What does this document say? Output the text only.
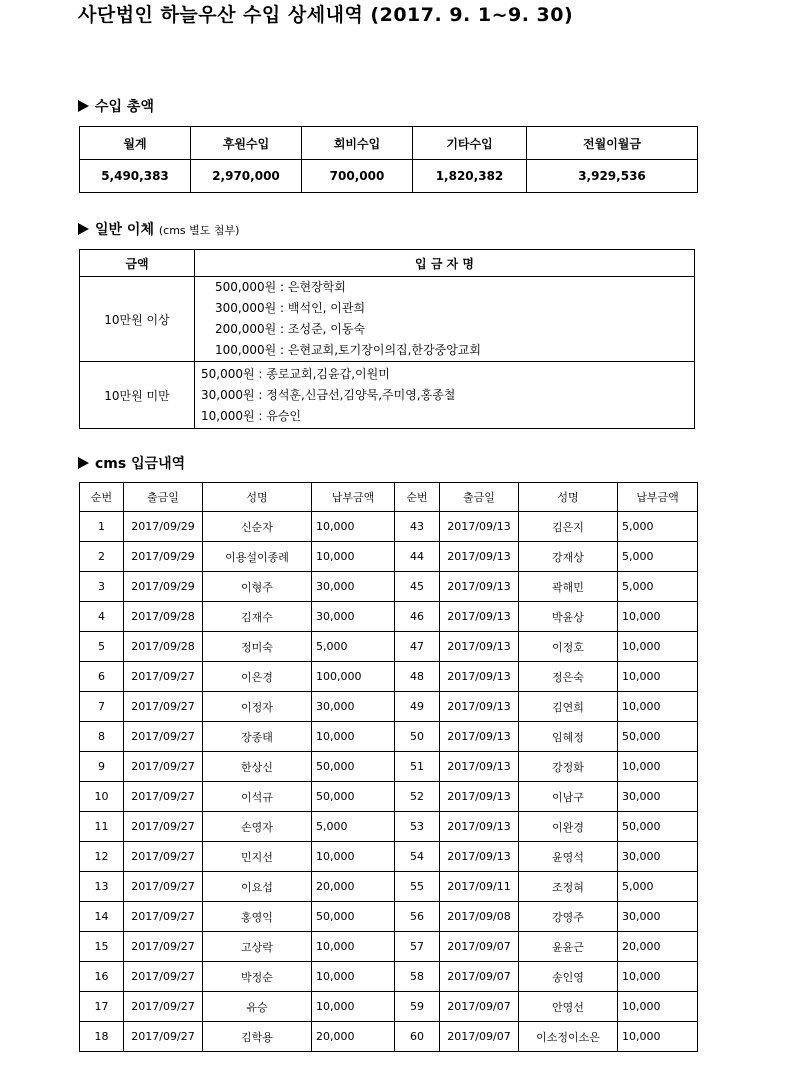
사단법인 하늘우산 수입 상세내역 (2017. 9. 1~9. 30)
수입 총액
월계	후원수입	회비수입	기타수입	전월이월금
5,490,383	2,970,000	700,000	1,820,382	3,929,536
일반 이체 (cms 별도 첨부)
금액	입 금 자 명
10만원 이상	500,000원 : 은현장학회
300,000원 : 백석인, 이관희
200,000원 : 조성준, 이동숙
100,000원 : 은현교회,토기장이의집,한강중앙교회

10만원 미만	50,000원 : 종로교회,김윤갑,이원미
30,000원 : 정석훈,신금선,김양묵,주미영,홍종철
10,000원 : 유승인
cms 입금내역
순번	출금일	성명	납부금액	순번	출금일	성명	납부금액
1	2017/09/29	신순자	10,000	43	2017/09/13	김은지	5,000
2	2017/09/29	이용설이종례	10,000	44	2017/09/13	강재상	5,000
3	2017/09/29	이형주	30,000	45	2017/09/13	곽해민	5,000
4	2017/09/28	김재수	30,000	46	2017/09/13	박윤상	10,000
5	2017/09/28	정미숙	5,000	47	2017/09/13	이정호	10,000
6	2017/09/27	이은경	100,000	48	2017/09/13	정은숙	10,000
7	2017/09/27	이정자	30,000	49	2017/09/13	김연희	10,000
8	2017/09/27	장종태	10,000	50	2017/09/13	임혜정	50,000
9	2017/09/27	한상신	50,000	51	2017/09/13	강정화	10,000
10	2017/09/27	이석규	50,000	52	2017/09/13	이남구	30,000
11	2017/09/27	손영자	5,000	53	2017/09/13	이완경	50,000
12	2017/09/27	민지선	10,000	54	2017/09/13	윤영석	30,000
13	2017/09/27	이요섭	20,000	55	2017/09/11	조정혀	5,000
14	2017/09/27	홍영익	50,000	56	2017/09/08	강영주	30,000
15	2017/09/27	고상락	10,000	57	2017/09/07	윤윤근	20,000
16	2017/09/27	박정순	10,000	58	2017/09/07	송인영	10,000
17	2017/09/27	유승	10,000	59	2017/09/07	안영선	10,000
18	2017/09/27	김학용	20,000	60	2017/09/07	이소정이소은	10,000
